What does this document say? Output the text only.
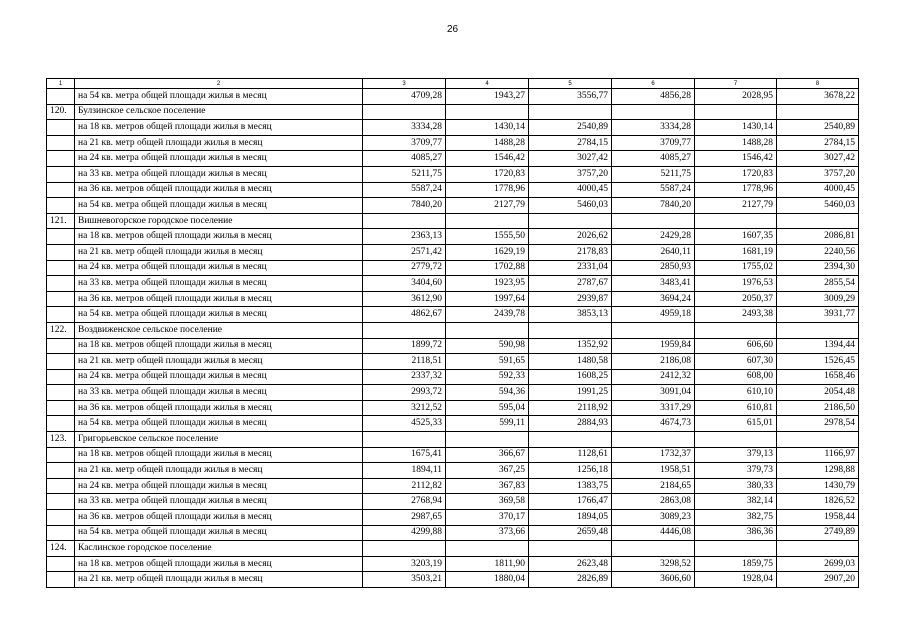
26
1	2	3	4	5	6	7	8
	на 54 кв. метра общей площади жилья в месяц	4709,28	1943,27	3556,77	4856,28	2028,95	3678,22
120.	Булзинское сельское поселение						
	на 18 кв. метров общей площади жилья в месяц	3334,28	1430,14	2540,89	3334,28	1430,14	2540,89
	на 21 кв. метр общей площади жилья в месяц	3709,77	1488,28	2784,15	3709,77	1488,28	2784,15
	на 24 кв. метра общей площади жилья в месяц	4085,27	1546,42	3027,42	4085,27	1546,42	3027,42
	на 33 кв. метра общей площади жилья в месяц	5211,75	1720,83	3757,20	5211,75	1720,83	3757,20
	на 36 кв. метров общей площади жилья в месяц	5587,24	1778,96	4000,45	5587,24	1778,96	4000,45
	на 54 кв. метра общей площади жилья в месяц	7840,20	2127,79	5460,03	7840,20	2127,79	5460,03
121.	Вишневогорское городское поселение						
	на 18 кв. метров общей площади жилья в месяц	2363,13	1555,50	2026,62	2429,28	1607,35	2086,81
	на 21 кв. метр общей площади жилья в месяц	2571,42	1629,19	2178,83	2640,11	1681,19	2240,56
	на 24 кв. метра общей площади жилья в месяц	2779,72	1702,88	2331,04	2850,93	1755,02	2394,30
	на 33 кв. метра общей площади жилья в месяц	3404,60	1923,95	2787,67	3483,41	1976,53	2855,54
	на 36 кв. метров общей площади жилья в месяц	3612,90	1997,64	2939,87	3694,24	2050,37	3009,29
	на 54 кв. метра общей площади жилья в месяц	4862,67	2439,78	3853,13	4959,18	2493,38	3931,77
122.	Воздвиженское сельское поселение						
	на 18 кв. метров общей площади жилья в месяц	1899,72	590,98	1352,92	1959,84	606,60	1394,44
	на 21 кв. метр общей площади жилья в месяц	2118,51	591,65	1480,58	2186,08	607,30	1526,45
	на 24 кв. метра общей площади жилья в месяц	2337,32	592,33	1608,25	2412,32	608,00	1658,46
	на 33 кв. метра общей площади жилья в месяц	2993,72	594,36	1991,25	3091,04	610,10	2054,48
	на 36 кв. метров общей площади жилья в месяц	3212,52	595,04	2118,92	3317,29	610,81	2186,50
	на 54 кв. метра общей площади жилья в месяц	4525,33	599,11	2884,93	4674,73	615,01	2978,54
123.	Григорьевское сельское поселение						
	на 18 кв. метров общей площади жилья в месяц	1675,41	366,67	1128,61	1732,37	379,13	1166,97
	на 21 кв. метр общей площади жилья в месяц	1894,11	367,25	1256,18	1958,51	379,73	1298,88
	на 24 кв. метра общей площади жилья в месяц	2112,82	367,83	1383,75	2184,65	380,33	1430,79
	на 33 кв. метра общей площади жилья в месяц	2768,94	369,58	1766,47	2863,08	382,14	1826,52
	на 36 кв. метров общей площади жилья в месяц	2987,65	370,17	1894,05	3089,23	382,75	1958,44
	на 54 кв. метра общей площади жилья в месяц	4299,88	373,66	2659,48	4446,08	386,36	2749,89
124.	Каслинское городское поселение						
	на 18 кв. метров общей площади жилья в месяц	3203,19	1811,90	2623,48	3298,52	1859,75	2699,03
	на 21 кв. метр общей площади жилья в месяц	3503,21	1880,04	2826,89	3606,60	1928,04	2907,20
